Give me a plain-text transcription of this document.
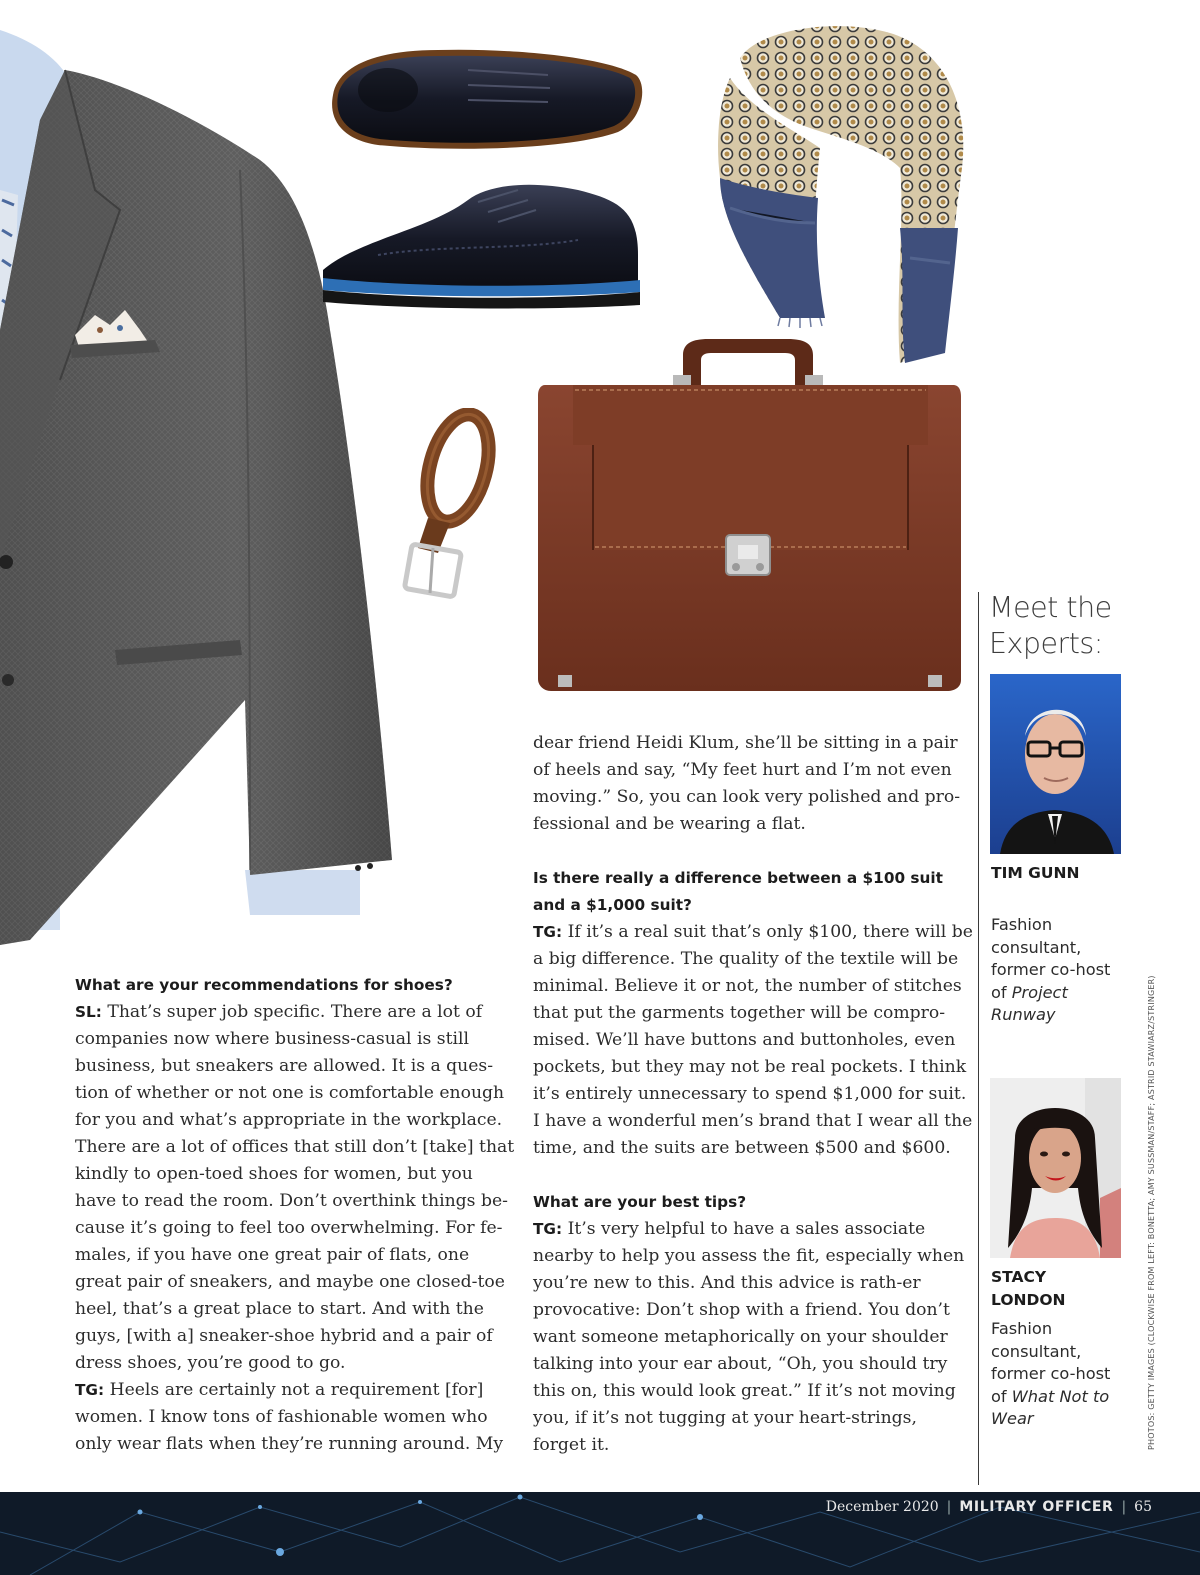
What are your recommendations for shoes?

SL: That’s super job specific. There are a lot of companies now where business-casual is still business, but sneakers are allowed. It is a ques-tion of whether or not one is comfortable enough for you and what’s appropriate in the workplace. There are a lot of offices that still don’t [take] that kindly to open-toed shoes for women, but you have to read the room. Don’t overthink things be-cause it’s going to feel too overwhelming. For fe-males, if you have one great pair of flats, one great pair of sneakers, and maybe one closed-toe heel, that’s a great place to start. And with the guys, [with a] sneaker-shoe hybrid and a pair of dress shoes, you’re good to go.

TG: Heels are certainly not a requirement [for] women. I know tons of fashionable women who only wear flats when they’re running around. My

dear friend Heidi Klum, she’ll be sitting in a pair of heels and say, “My feet hurt and I’m not even moving.” So, you can look very polished and pro-fessional and be wearing a flat.

Is there really a difference between a $100 suit and a $1,000 suit?

TG: If it’s a real suit that’s only $100, there will be a big difference. The quality of the textile will be minimal. Believe it or not, the number of stitches that put the garments together will be compro-mised. We’ll have buttons and buttonholes, even pockets, but they may not be real pockets. I think it’s entirely unnecessary to spend $1,000 for suit. I have a wonderful men’s brand that I wear all the time, and the suits are between $500 and $600.

What are your best tips?

TG: It’s very helpful to have a sales associate nearby to help you assess the fit, especially when you’re new to this. And this advice is rath-er provocative: Don’t shop with a friend. You don’t want someone metaphorically on your shoulder talking into your ear about, “Oh, you should try this on, this would look great.” If it’s not moving you, if it’s not tugging at your heart-strings, forget it.

Meet the Experts:
TIM GUNN
Fashion consultant, former co-host of Project Runway
STACY LONDON
Fashion consultant, former co-host of What Not to Wear	PHOTOS: GETTY IMAGES (CLOCKWISE FROM LEFT: BONETTA; AMY SUSSMAN/STAFF; ASTRID STAWIARZ/STRINGER)
December 2020 | MILITARY OFFICER | 65
